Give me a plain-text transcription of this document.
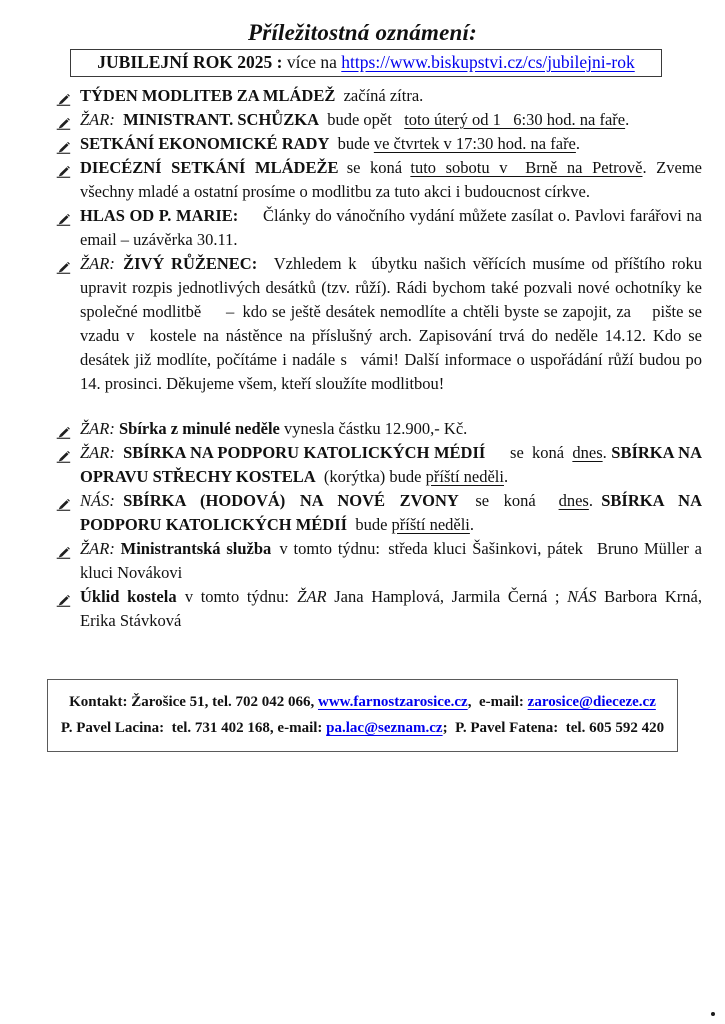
Příležitostná oznámení:
JUBILEJNÍ ROK 2025 : více na https://www.biskupstvi.cz/cs/jubilejni-rok
TÝDEN MODLITEB ZA MLÁDEŽ začíná zítra.
ŽAR:  MINISTRANT. SCHŮZKA bude opět  toto úterý od 1  6:30 hod. na faře.
SETKÁNÍ EKONOMICKÉ RADY bude ve čtvrtek v 17:30 hod. na faře.
DIECÉZNÍ SETKÁNÍ MLÁDEŽE se koná tuto sobotu v  Brně na Petrově. Zveme všechny mladé a ostatní prosíme o modlitbu za tuto akci i budoucnost církve.
HLAS OD P. MARIE:  Články do vánočního vydání můžete zasílat o. Pavlovi farářovi na email – uzávěrka 30.11.
ŽAR:  ŽIVÝ RŮŽENEC: Vzhledem k  úbytku našich věřících musíme od příštího roku upravit rozpis jednotlivých desátků (tzv. růží). Rádi bychom také pozvali nové ochotníky ke společné modlitbě  – kdo se ještě desátek nemodlíte a chtěli byste se zapojit, za  pište se vzadu v  kostele na nástěnce na příslušný arch. Zapisování trvá do neděle 14.12. Kdo se desátek již modlíte, počítáme i nadále s  vámi! Další informace o uspořádání růží budou po 14. prosinci. Děkujeme všem, kteří sloužíte modlitbou!
ŽAR: Sbírka z minulé neděle vynesla částku 12.900,- Kč.
ŽAR:  SBÍRKA NA PODPORU KATOLICKÝCH MÉDIÍ  se koná dnes. SBÍRKA NA OPRAVU STŘECHY KOSTELA (korýtka) bude příští neděli.
NÁS:  SBÍRKA (HODOVÁ) NA NOVÉ ZVONY se koná  dnes. SBÍRKA NA PODPORU KATOLICKÝCH MÉDIÍ bude příští neděli.
ŽAR: Ministrantská služba v tomto týdnu: středa kluci Šašinkovi, pátek  Bruno Müller a kluci Novákovi
Úklid kostela v tomto týdnu: ŽAR Jana Hamplová, Jarmila Černá ; NÁS Barbora Krná, Erika Stávková

Kontakt: Žarošice 51, tel. 702 042 066, www.farnostzarosice.cz, e-mail: zarosice@dieceze.cz

P. Pavel Lacina: tel. 731 402 168, e-mail: pa.lac@seznam.cz; P. Pavel Fatena: tel. 605 592 420
